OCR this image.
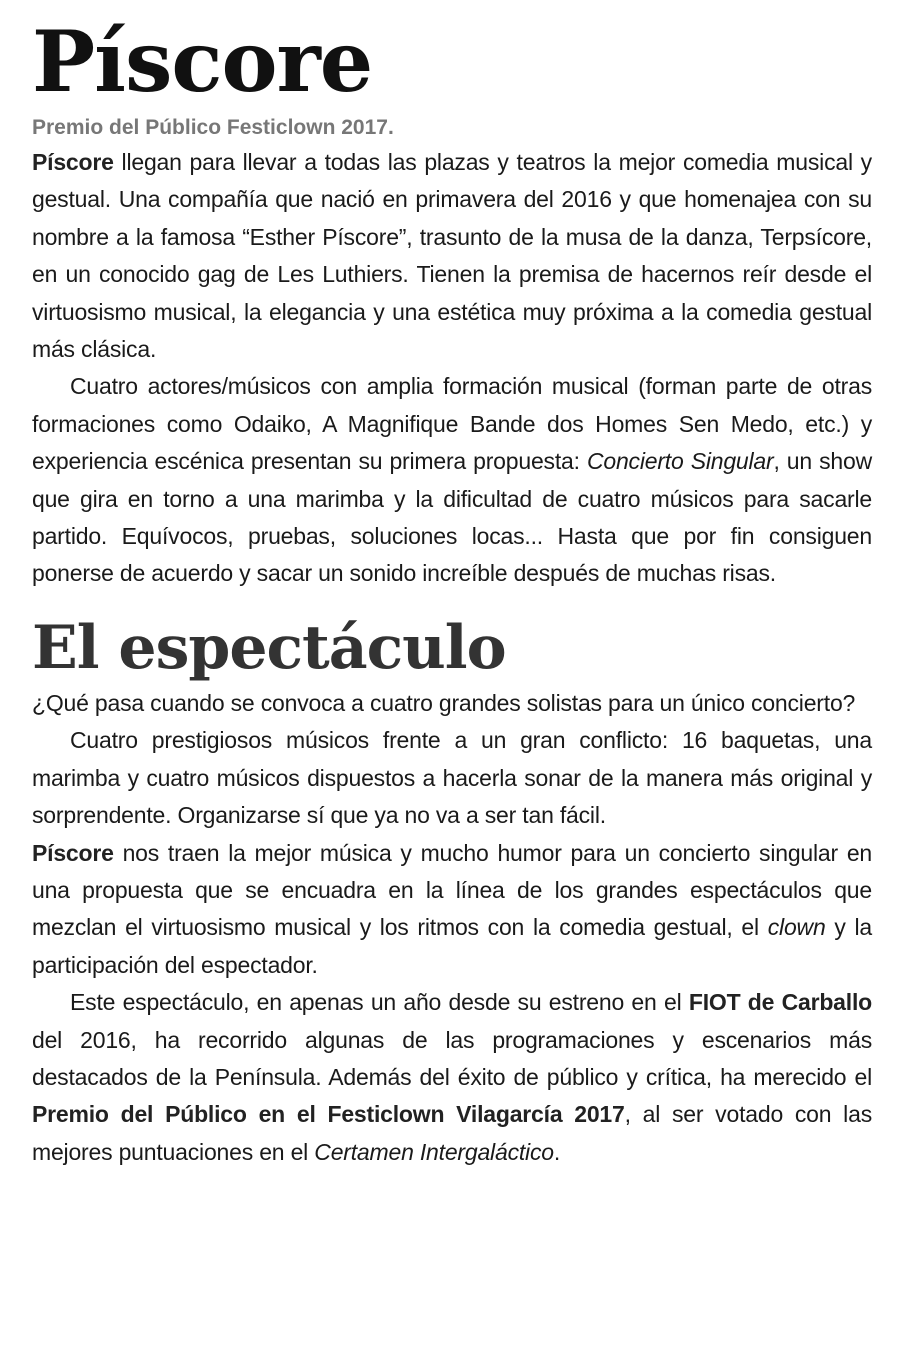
Píscore
Premio del Público Festiclown 2017.

Píscore llegan para llevar a todas las plazas y teatros la mejor comedia musical y gestual. Una compañía que nació en primavera del 2016 y que homenajea con su nombre a la famosa “Esther Píscore”, trasunto de la musa de la danza, Terpsícore, en un conocido gag de Les Luthiers. Tienen la premisa de hacernos reír desde el virtuosismo musical, la elegancia y una estética muy próxima a la comedia gestual más clásica.

Cuatro actores/músicos con amplia formación musical (forman parte de otras formaciones como Odaiko, A Magnifique Bande dos Homes Sen Medo, etc.) y experiencia escénica presentan su primera propuesta: Concierto Singular, un show que gira en torno a una marimba y la dificultad de cuatro músicos para sacarle partido. Equívocos, pruebas, soluciones locas... Hasta que por fin consiguen ponerse de acuerdo y sacar un sonido increíble después de muchas risas.

El espectáculo

¿Qué pasa cuando se convoca a cuatro grandes solistas para un único concierto?

Cuatro prestigiosos músicos frente a un gran conflicto: 16 baquetas, una marimba y cuatro músicos dispuestos a hacerla sonar de la manera más original y sorprendente. Organizarse sí que ya no va a ser tan fácil.

Píscore nos traen la mejor música y mucho humor para un concierto singular en una propuesta que se encuadra en la línea de los grandes espectáculos que mezclan el virtuosismo musical y los ritmos con la comedia gestual, el clown y la participación del espectador.

Este espectáculo, en apenas un año desde su estreno en el FIOT de Carballo del 2016, ha recorrido algunas de las programaciones y escenarios más destacados de la Península. Además del éxito de público y crítica, ha merecido el Premio del Público en el Festiclown Vilagarcía 2017, al ser votado con las mejores puntuaciones en el Certamen Intergaláctico.
